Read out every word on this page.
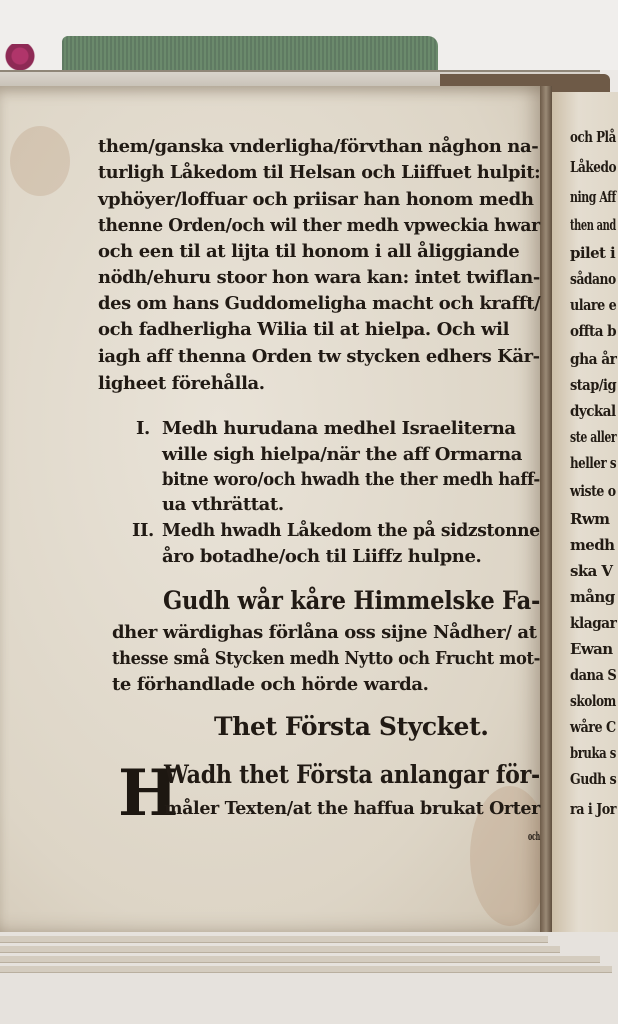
them/ganska vnderligha/förvthan någhon na-
turligh Låkedom til Helsan och Liiffuet hulpit:
vphöyer/loffuar och priisar han honom medh
thenne Orden/och wil ther medh vpweckia hwar
och een til at lijta til honom i all åliggiande
nödh/ehuru stoor hon wara kan: intet twiflan-
des om hans Guddomeligha macht och krafft/
och fadherligha Wilia til at hielpa. Och wil
iagh aff thenna Orden tw stycken edhers Kär-
ligheet förehålla.
I. Medh hurudana medhel Israeliterna
wille sigh hielpa/när the aff Ormarna
bitne woro/och hwadh the ther medh haff-
ua vthrättat.
II. Medh hwadh Låkedom the på sidzstonne
åro botadhe/och til Liiffz hulpne.
Gudh wår kåre Himmelske Fa-
dher wärdighas förlåna oss sijne Nådher/ at
thesse små Stycken medh Nytto och Frucht mot-
te förhandlade och hörde warda.
Thet Första Stycket.
H
Wadh thet Första anlangar för-
måler Texten/at the haffua brukat Orter
och
och Plå
Låkedo
ning Aff
then and
pilet i
sådano
ulare e
offta b
gha år
stap/ig
dyckal
ste aller
heller s
wiste o
Rwm
medh
ska V
mång
klagar
Ewan
dana S
skolom
wåre C
bruka s
Gudh s
ra i Jor
